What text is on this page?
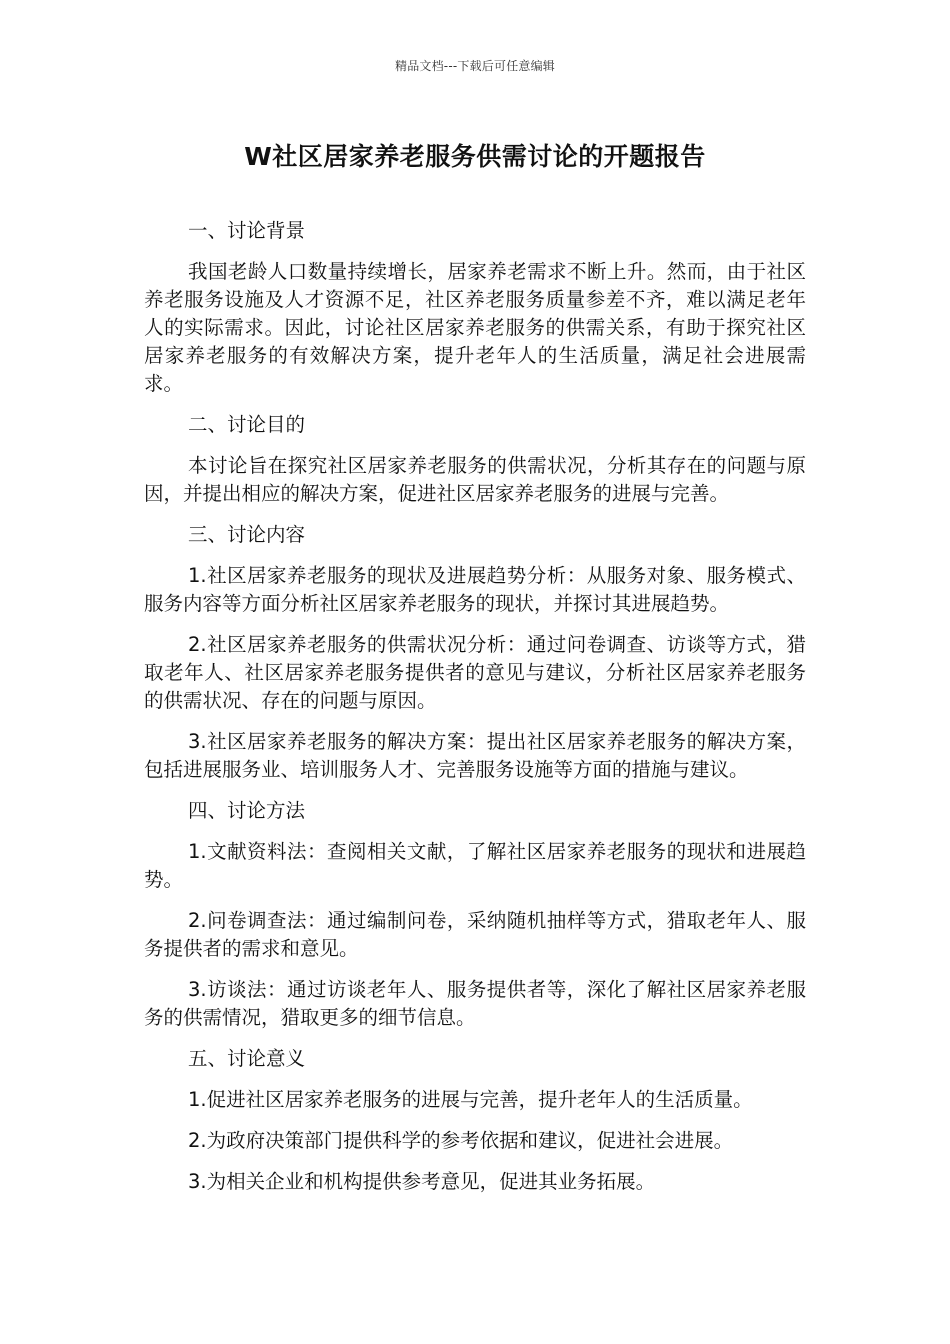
精品文档---下载后可任意编辑
W社区居家养老服务供需讨论的开题报告

一、讨论背景

我国老龄人口数量持续增长，居家养老需求不断上升。然而，由于社区养老服务设施及人才资源不足，社区养老服务质量参差不齐，难以满足老年人的实际需求。因此，讨论社区居家养老服务的供需关系，有助于探究社区居家养老服务的有效解决方案，提升老年人的生活质量，满足社会进展需求。

二、讨论目的

本讨论旨在探究社区居家养老服务的供需状况，分析其存在的问题与原因，并提出相应的解决方案，促进社区居家养老服务的进展与完善。

三、讨论内容

1.社区居家养老服务的现状及进展趋势分析：从服务对象、服务模式、服务内容等方面分析社区居家养老服务的现状，并探讨其进展趋势。

2.社区居家养老服务的供需状况分析：通过问卷调查、访谈等方式，猎取老年人、社区居家养老服务提供者的意见与建议，分析社区居家养老服务的供需状况、存在的问题与原因。

3.社区居家养老服务的解决方案：提出社区居家养老服务的解决方案，包括进展服务业、培训服务人才、完善服务设施等方面的措施与建议。

四、讨论方法

1.文献资料法：查阅相关文献，了解社区居家养老服务的现状和进展趋势。

2.问卷调查法：通过编制问卷，采纳随机抽样等方式，猎取老年人、服务提供者的需求和意见。

3.访谈法：通过访谈老年人、服务提供者等，深化了解社区居家养老服务的供需情况，猎取更多的细节信息。

五、讨论意义

1.促进社区居家养老服务的进展与完善，提升老年人的生活质量。

2.为政府决策部门提供科学的参考依据和建议，促进社会进展。

3.为相关企业和机构提供参考意见，促进其业务拓展。
